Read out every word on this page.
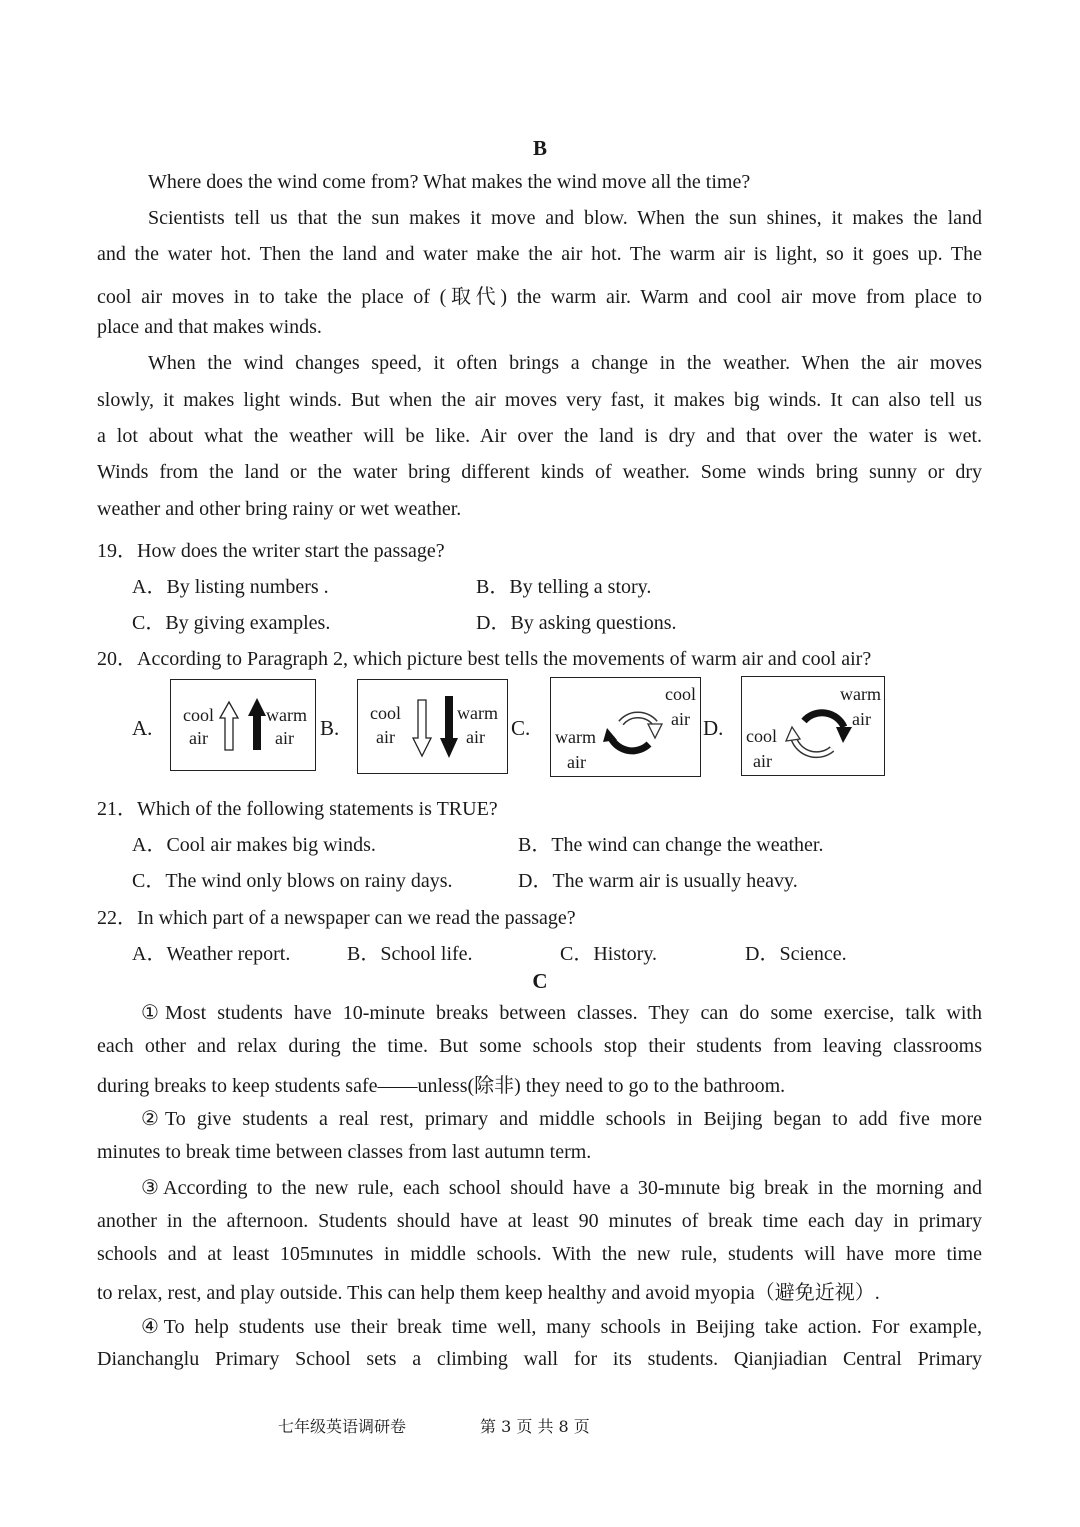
B
Where does the wind come from? What makes the wind move all the time?
Scientists tell us that the sun makes it move and blow. When the sun shines, it makes the land
and the water hot. Then the land and water make the air hot. The warm air is light, so it goes up. The
cool air moves in to take the place of (取代) the warm air. Warm and cool air move from place to
place and that makes winds.
When the wind changes speed, it often brings a change in the weather. When the air moves
slowly, it makes light winds. But when the air moves very fast, it makes big winds. It can also tell us
a lot about what the weather will be like. Air over the land is dry and that over the water is wet.
Winds from the land or the water bring different kinds of weather. Some winds bring sunny or dry
weather and other bring rainy or wet weather.
19．How does the writer start the passage?
A．By listing numbers .	B．By telling a story.
C．By giving examples.	D．By asking questions.
20．According to Paragraph 2, which picture best tells the movements of warm air and cool air?
A.
cool
air
warm
air B.
cool
air
warm
air C.
cool
air
warm
air
D.
warm
air
cool
air
21．Which of the following statements is TRUE?
A．Cool air makes big winds.	B．The wind can change the weather.
C．The wind only blows on rainy days.	D．The warm air is usually heavy.
22．In which part of a newspaper can we read the passage?
A．Weather report.	B．School life.	C．History.	D．Science.
C
①Most students have 10-minute breaks between classes. They can do some exercise, talk with
each other and relax during the time. But some schools stop their students from leaving classrooms
during breaks to keep students safe——unless(除非) they need to go to the bathroom.
②To give students a real rest, primary and middle schools in Beijing began to add five more
minutes to break time between classes from last autumn term.
③According to the new rule, each school should have a 30-mınute big break in the morning and
another in the afternoon. Students should have at least 90 minutes of break time each day in primary
schools and at least 105mınutes in middle schools. With the new rule, students will have more time
to relax, rest, and play outside. This can help them keep healthy and avoid myopia（避免近视）.
④To help students use their break time well, many schools in Beijing take action. For example,
Dianchanglu Primary School sets a climbing wall for its students. Qianjiadian Central Primary
七年级英语调研卷	第 3 页 共 8 页
